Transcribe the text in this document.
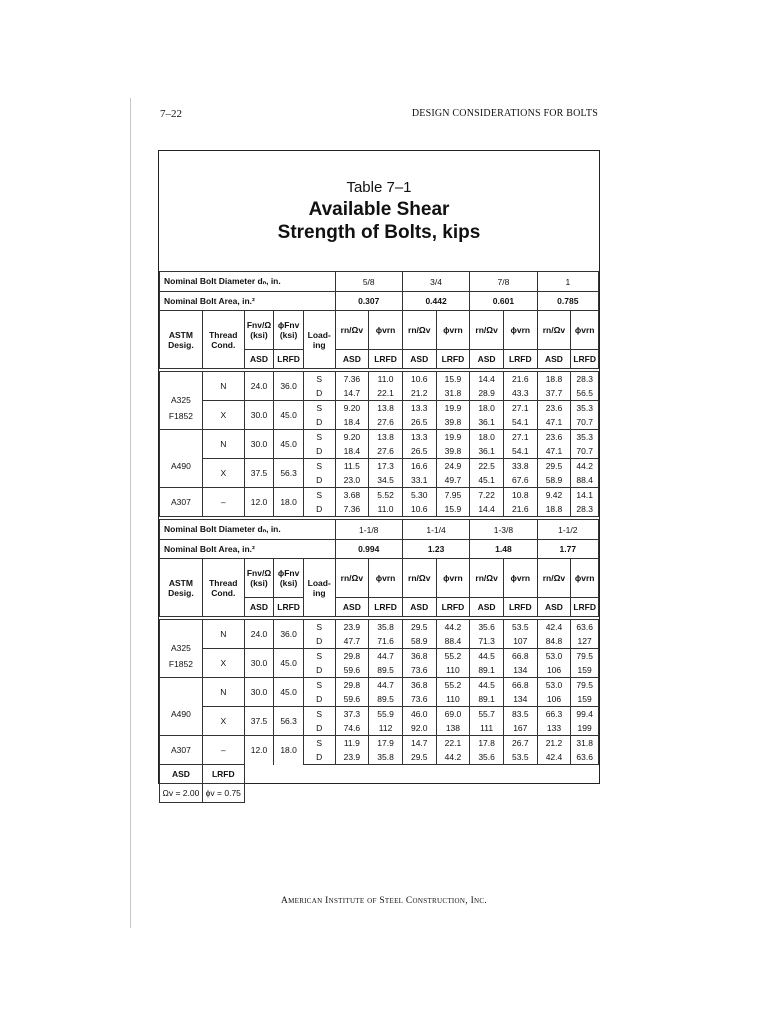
7–22	DESIGN CONSIDERATIONS FOR BOLTS
Table 7–1
Available Shear
Strength of Bolts, kips
Nominal Bolt Diameter dₙ, in.					5/8		3/4		7/8		1	
Nominal Bolt Area, in.²					0.307		0.442		0.601		0.785	
ASTM Desig.	Thread Cond.	Fnv/Ω (ksi)	ϕFnv (ksi)	Load- ing	rn/Ωv	ϕvrn	rn/Ωv	ϕvrn	rn/Ωv	ϕvrn	rn/Ωv	ϕvrn
		ASD	LRFD		ASD	LRFD	ASD	LRFD	ASD	LRFD	ASD	LRFD

A325
F1852	N	24.0	36.0	S	7.36	11.0	10.6	15.9	14.4	21.6	18.8	28.3
				D	14.7	22.1	21.2	31.8	28.9	43.3	37.7	56.5
	X	30.0	45.0	S	9.20	13.8	13.3	19.9	18.0	27.1	23.6	35.3
				D	18.4	27.6	26.5	39.8	36.1	54.1	47.1	70.7

A490	N	30.0	45.0	S	9.20	13.8	13.3	19.9	18.0	27.1	23.6	35.3
				D	18.4	27.6	26.5	39.8	36.1	54.1	47.1	70.7
	X	37.5	56.3	S	11.5	17.3	16.6	24.9	22.5	33.8	29.5	44.2
				D	23.0	34.5	33.1	49.7	45.1	67.6	58.9	88.4
A307	–	12.0	18.0	S	3.68	5.52	5.30	7.95	7.22	10.8	9.42	14.1
				D	7.36	11.0	10.6	15.9	14.4	21.6	18.8	28.3

Nominal Bolt Diameter dₙ, in.					1-1/8		1-1/4		1-3/8		1-1/2	
Nominal Bolt Area, in.²					0.994		1.23		1.48		1.77	
ASTM Desig.	Thread Cond.	Fnv/Ω (ksi)	ϕFnv (ksi)	Load- ing	rn/Ωv	ϕvrn	rn/Ωv	ϕvrn	rn/Ωv	ϕvrn	rn/Ωv	ϕvrn
		ASD	LRFD		ASD	LRFD	ASD	LRFD	ASD	LRFD	ASD	LRFD

A325
F1852	N	24.0	36.0	S	23.9	35.8	29.5	44.2	35.6	53.5	42.4	63.6
				D	47.7	71.6	58.9	88.4	71.3	107	84.8	127
	X	30.0	45.0	S	29.8	44.7	36.8	55.2	44.5	66.8	53.0	79.5
				D	59.6	89.5	73.6	110	89.1	134	106	159

A490	N	30.0	45.0	S	29.8	44.7	36.8	55.2	44.5	66.8	53.0	79.5
				D	59.6	89.5	73.6	110	89.1	134	106	159
	X	37.5	56.3	S	37.3	55.9	46.0	69.0	55.7	83.5	66.3	99.4
				D	74.6	112	92.0	138	111	167	133	199
A307	–	12.0	18.0	S	11.9	17.9	14.7	22.1	17.8	26.7	21.2	31.8
				D	23.9	35.8	29.5	44.2	35.6	53.5	42.4	63.6
ASD	LRFD											
Ωv = 2.00	ϕv = 0.75											
American Institute of Steel Construction, Inc.
